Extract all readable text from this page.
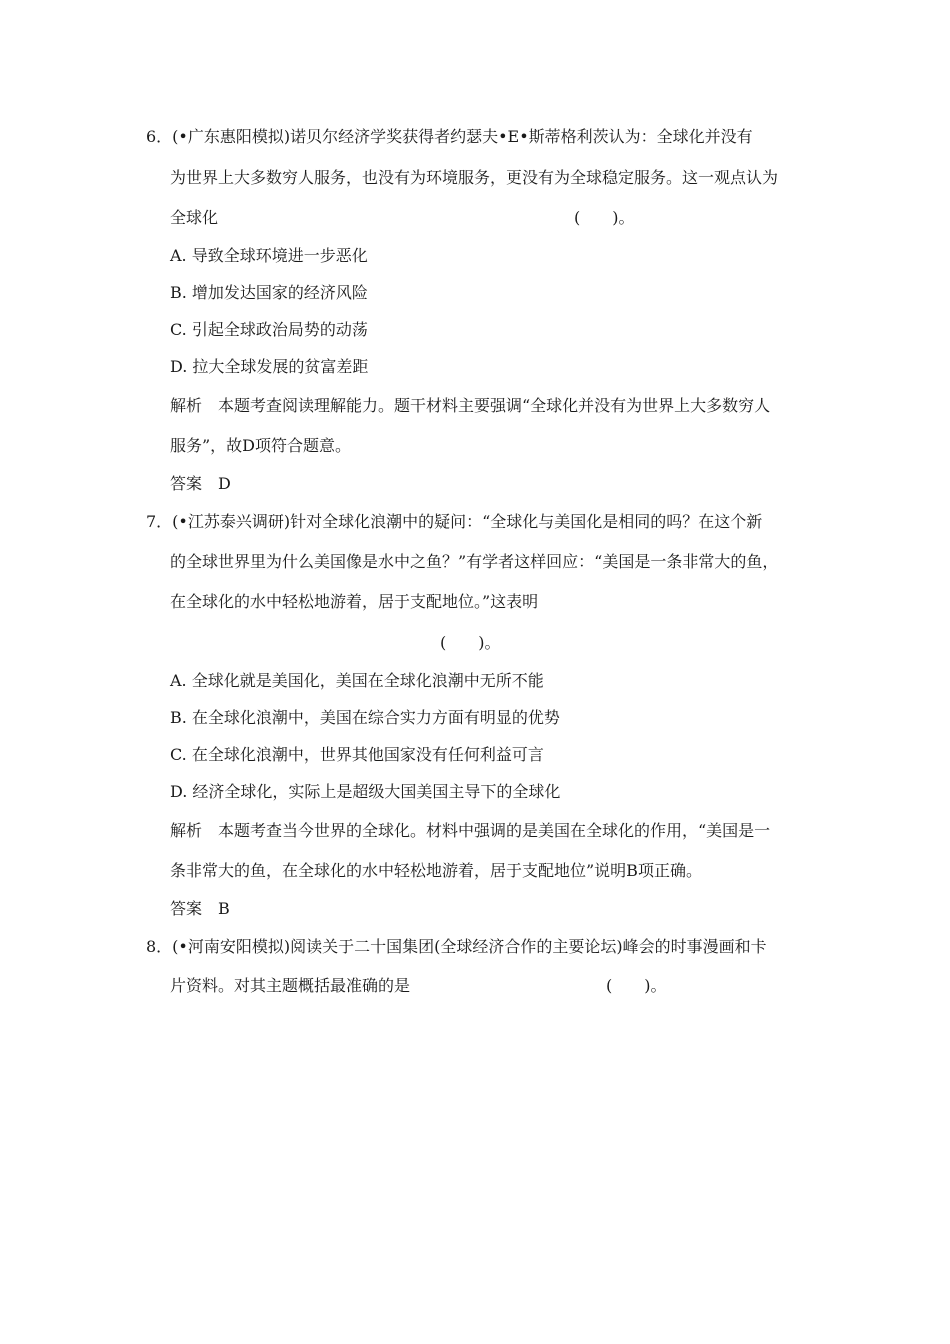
6．(•广东惠阳模拟)诺贝尔经济学奖获得者约瑟夫•E•斯蒂格利茨认为：全球化并没有
为世界上大多数穷人服务，也没有为环境服务，更没有为全球稳定服务。这一观点认为
全球化	(　　)。
A. 导致全球环境进一步恶化
B. 增加发达国家的经济风险
C. 引起全球政治局势的动荡
D. 拉大全球发展的贫富差距
解析　本题考查阅读理解能力。题干材料主要强调“全球化并没有为世界上大多数穷人
服务”，故D项符合题意。
答案　D
7．(•江苏泰兴调研)针对全球化浪潮中的疑问：“全球化与美国化是相同的吗？在这个新
的全球世界里为什么美国像是水中之鱼？”有学者这样回应：“美国是一条非常大的鱼，
在全球化的水中轻松地游着，居于支配地位。”这表明
(　　)。
A. 全球化就是美国化，美国在全球化浪潮中无所不能
B. 在全球化浪潮中，美国在综合实力方面有明显的优势
C. 在全球化浪潮中，世界其他国家没有任何利益可言
D. 经济全球化，实际上是超级大国美国主导下的全球化
解析　本题考查当今世界的全球化。材料中强调的是美国在全球化的作用，“美国是一
条非常大的鱼，在全球化的水中轻松地游着，居于支配地位”说明B项正确。
答案　B
8．(•河南安阳模拟)阅读关于二十国集团(全球经济合作的主要论坛)峰会的时事漫画和卡
片资料。对其主题概括最准确的是	(　　)。
